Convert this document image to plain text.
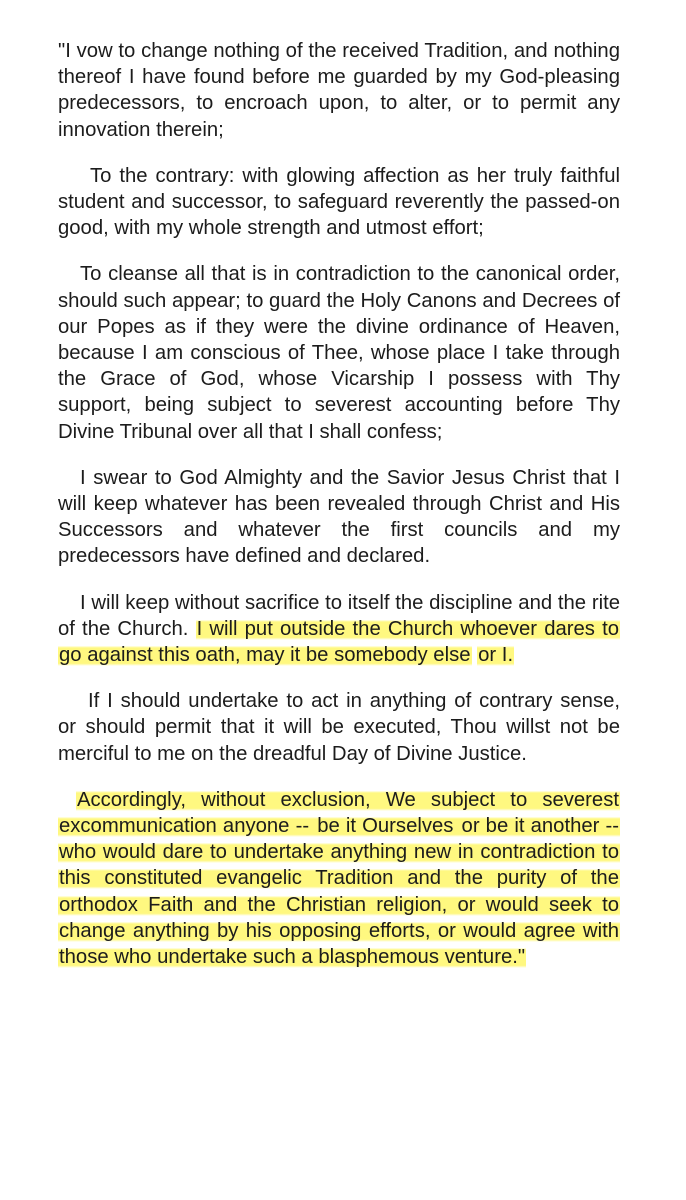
"I vow to change nothing of the received Tradition, and nothing thereof I have found before me guarded by my God-pleasing predecessors, to encroach upon, to alter, or to permit any innovation therein;

To the contrary: with glowing affection as her truly faithful student and successor, to safeguard reverently the passed-on good, with my whole strength and utmost effort;

To cleanse all that is in contradiction to the canonical order, should such appear; to guard the Holy Canons and Decrees of our Popes as if they were the divine ordinance of Heaven, because I am conscious of Thee, whose place I take through the Grace of God, whose Vicarship I possess with Thy support, being subject to severest accounting before Thy Divine Tribunal over all that I shall confess;

I swear to God Almighty and the Savior Jesus Christ that I will keep whatever has been revealed through Christ and His Successors and whatever the first councils and my predecessors have defined and declared.

I will keep without sacrifice to itself the discipline and the rite of the Church. I will put outside the Church whoever dares to go against this oath, may it be somebody else or I.

If I should undertake to act in anything of contrary sense, or should permit that it will be executed, Thou willst not be merciful to me on the dreadful Day of Divine Justice.

Accordingly, without exclusion, We subject to severest excommunication anyone -- be it Ourselves or be it another -- who would dare to undertake anything new in contradiction to this constituted evangelic Tradition and the purity of the orthodox Faith and the Christian religion, or would seek to change anything by his opposing efforts, or would agree with those who undertake such a blasphemous venture."
